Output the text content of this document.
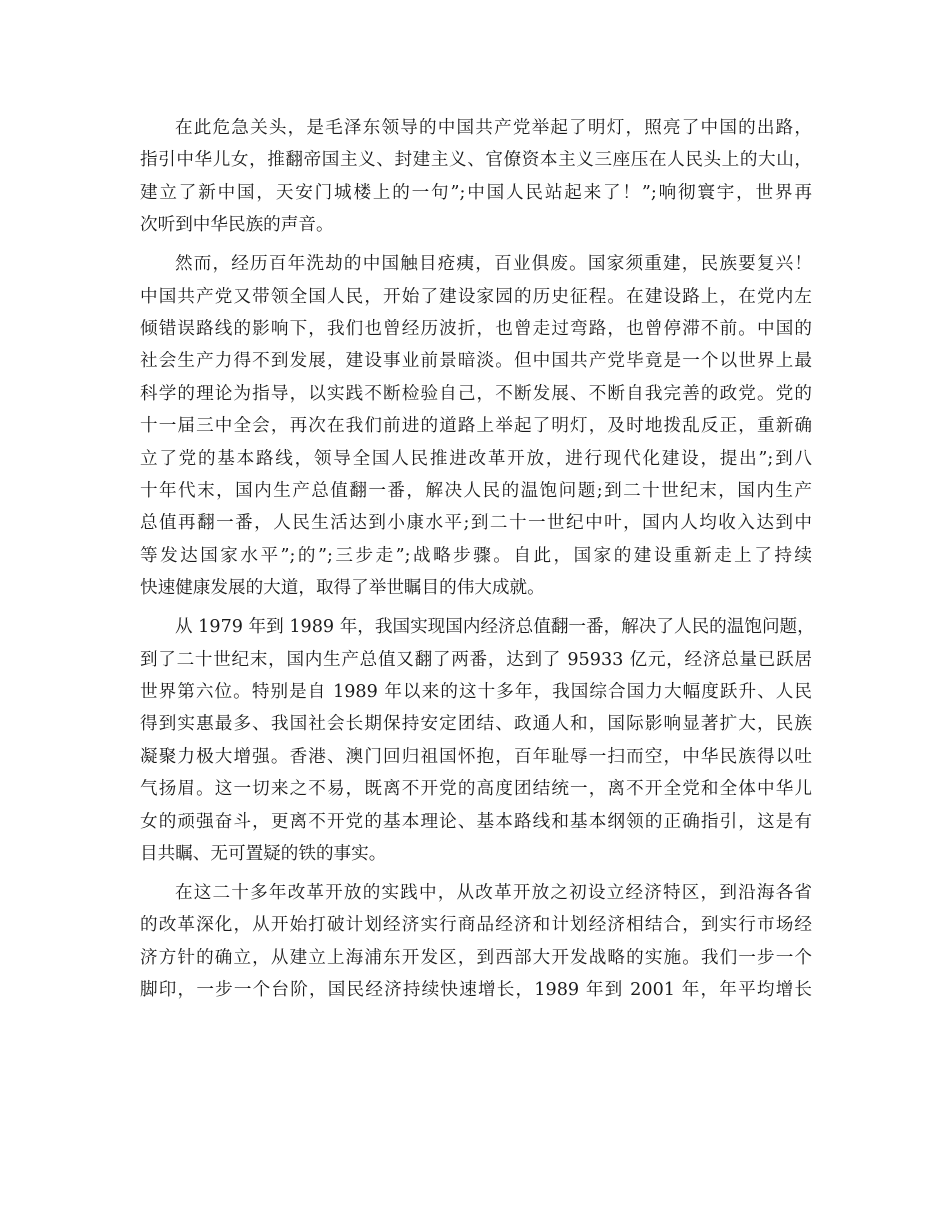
在此危急关头，是毛泽东领导的中国共产党举起了明灯，照亮了中国的出路，
指引中华儿女，推翻帝国主义、封建主义、官僚资本主义三座压在人民头上的大山，
建立了新中国，天安门城楼上的一句”;中国人民站起来了！”;响彻寰宇，世界再
次听到中华民族的声音。
然而，经历百年洗劫的中国触目疮痍，百业俱废。国家须重建，民族要复兴！
中国共产党又带领全国人民，开始了建设家园的历史征程。在建设路上，在党内左
倾错误路线的影响下，我们也曾经历波折，也曾走过弯路，也曾停滞不前。中国的
社会生产力得不到发展，建设事业前景暗淡。但中国共产党毕竟是一个以世界上最
科学的理论为指导，以实践不断检验自己，不断发展、不断自我完善的政党。党的
十一届三中全会，再次在我们前进的道路上举起了明灯，及时地拨乱反正，重新确
立了党的基本路线，领导全国人民推进改革开放，进行现代化建设，提出”;到八
十年代末，国内生产总值翻一番，解决人民的温饱问题;到二十世纪末，国内生产
总值再翻一番，人民生活达到小康水平;到二十一世纪中叶，国内人均收入达到中
等发达国家水平”;的”;三步走”;战略步骤。自此，国家的建设重新走上了持续
快速健康发展的大道，取得了举世瞩目的伟大成就。
从 1979 年到 1989 年，我国实现国内经济总值翻一番，解决了人民的温饱问题，
到了二十世纪末，国内生产总值又翻了两番，达到了 95933 亿元，经济总量已跃居
世界第六位。特别是自 1989 年以来的这十多年，我国综合国力大幅度跃升、人民
得到实惠最多、我国社会长期保持安定团结、政通人和，国际影响显著扩大，民族
凝聚力极大增强。香港、澳门回归祖国怀抱，百年耻辱一扫而空，中华民族得以吐
气扬眉。这一切来之不易，既离不开党的高度团结统一，离不开全党和全体中华儿
女的顽强奋斗，更离不开党的基本理论、基本路线和基本纲领的正确指引，这是有
目共瞩、无可置疑的铁的事实。
在这二十多年改革开放的实践中，从改革开放之初设立经济特区，到沿海各省
的改革深化，从开始打破计划经济实行商品经济和计划经济相结合，到实行市场经
济方针的确立，从建立上海浦东开发区，到西部大开发战略的实施。我们一步一个
脚印，一步一个台阶，国民经济持续快速增长，1989 年到 2001 年，年平均增长
